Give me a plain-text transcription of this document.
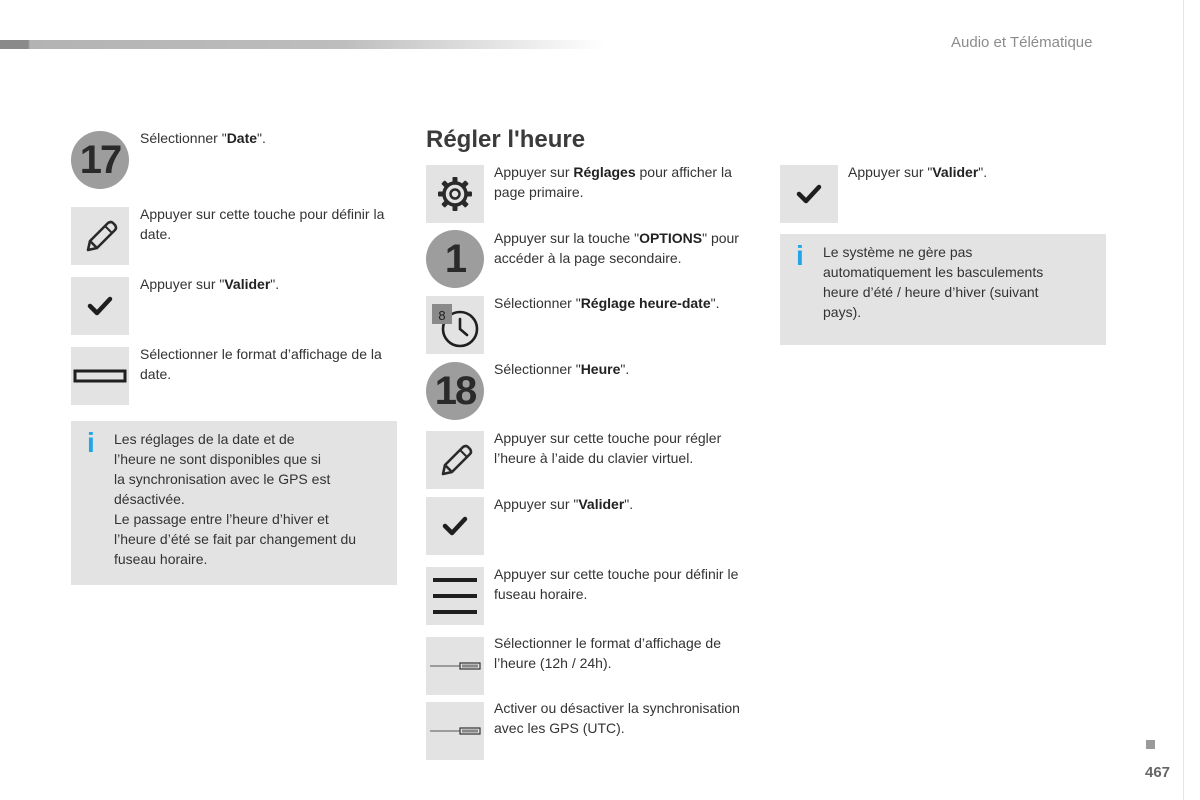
Audio et Télématique
467
17 Sélectionner "Date".
Appuyer sur cette touche pour définir la date.
Appuyer sur "Valider".
Sélectionner le format d’affichage de la date.
i Les réglages de la date et de
l’heure ne sont disponibles que si
la synchronisation avec le GPS est
désactivée.
Le passage entre l’heure d’hiver et
l’heure d’été se fait par changement du
fuseau horaire.
Régler l'heure
Appuyer sur Réglages pour afficher la page primaire.
1 Appuyer sur la touche "OPTIONS" pour accéder à la page secondaire.
8
Sélectionner "Réglage heure-date".
18 Sélectionner "Heure".
Appuyer sur cette touche pour régler l’heure à l’aide du clavier virtuel.
Appuyer sur "Valider".
Appuyer sur cette touche pour définir le fuseau horaire.
Sélectionner le format d’affichage de l’heure (12h / 24h).
Activer ou désactiver la synchronisation avec les GPS (UTC).
Appuyer sur "Valider".
i Le système ne gère pas
automatiquement les basculements
heure d’été / heure d’hiver (suivant
pays).
